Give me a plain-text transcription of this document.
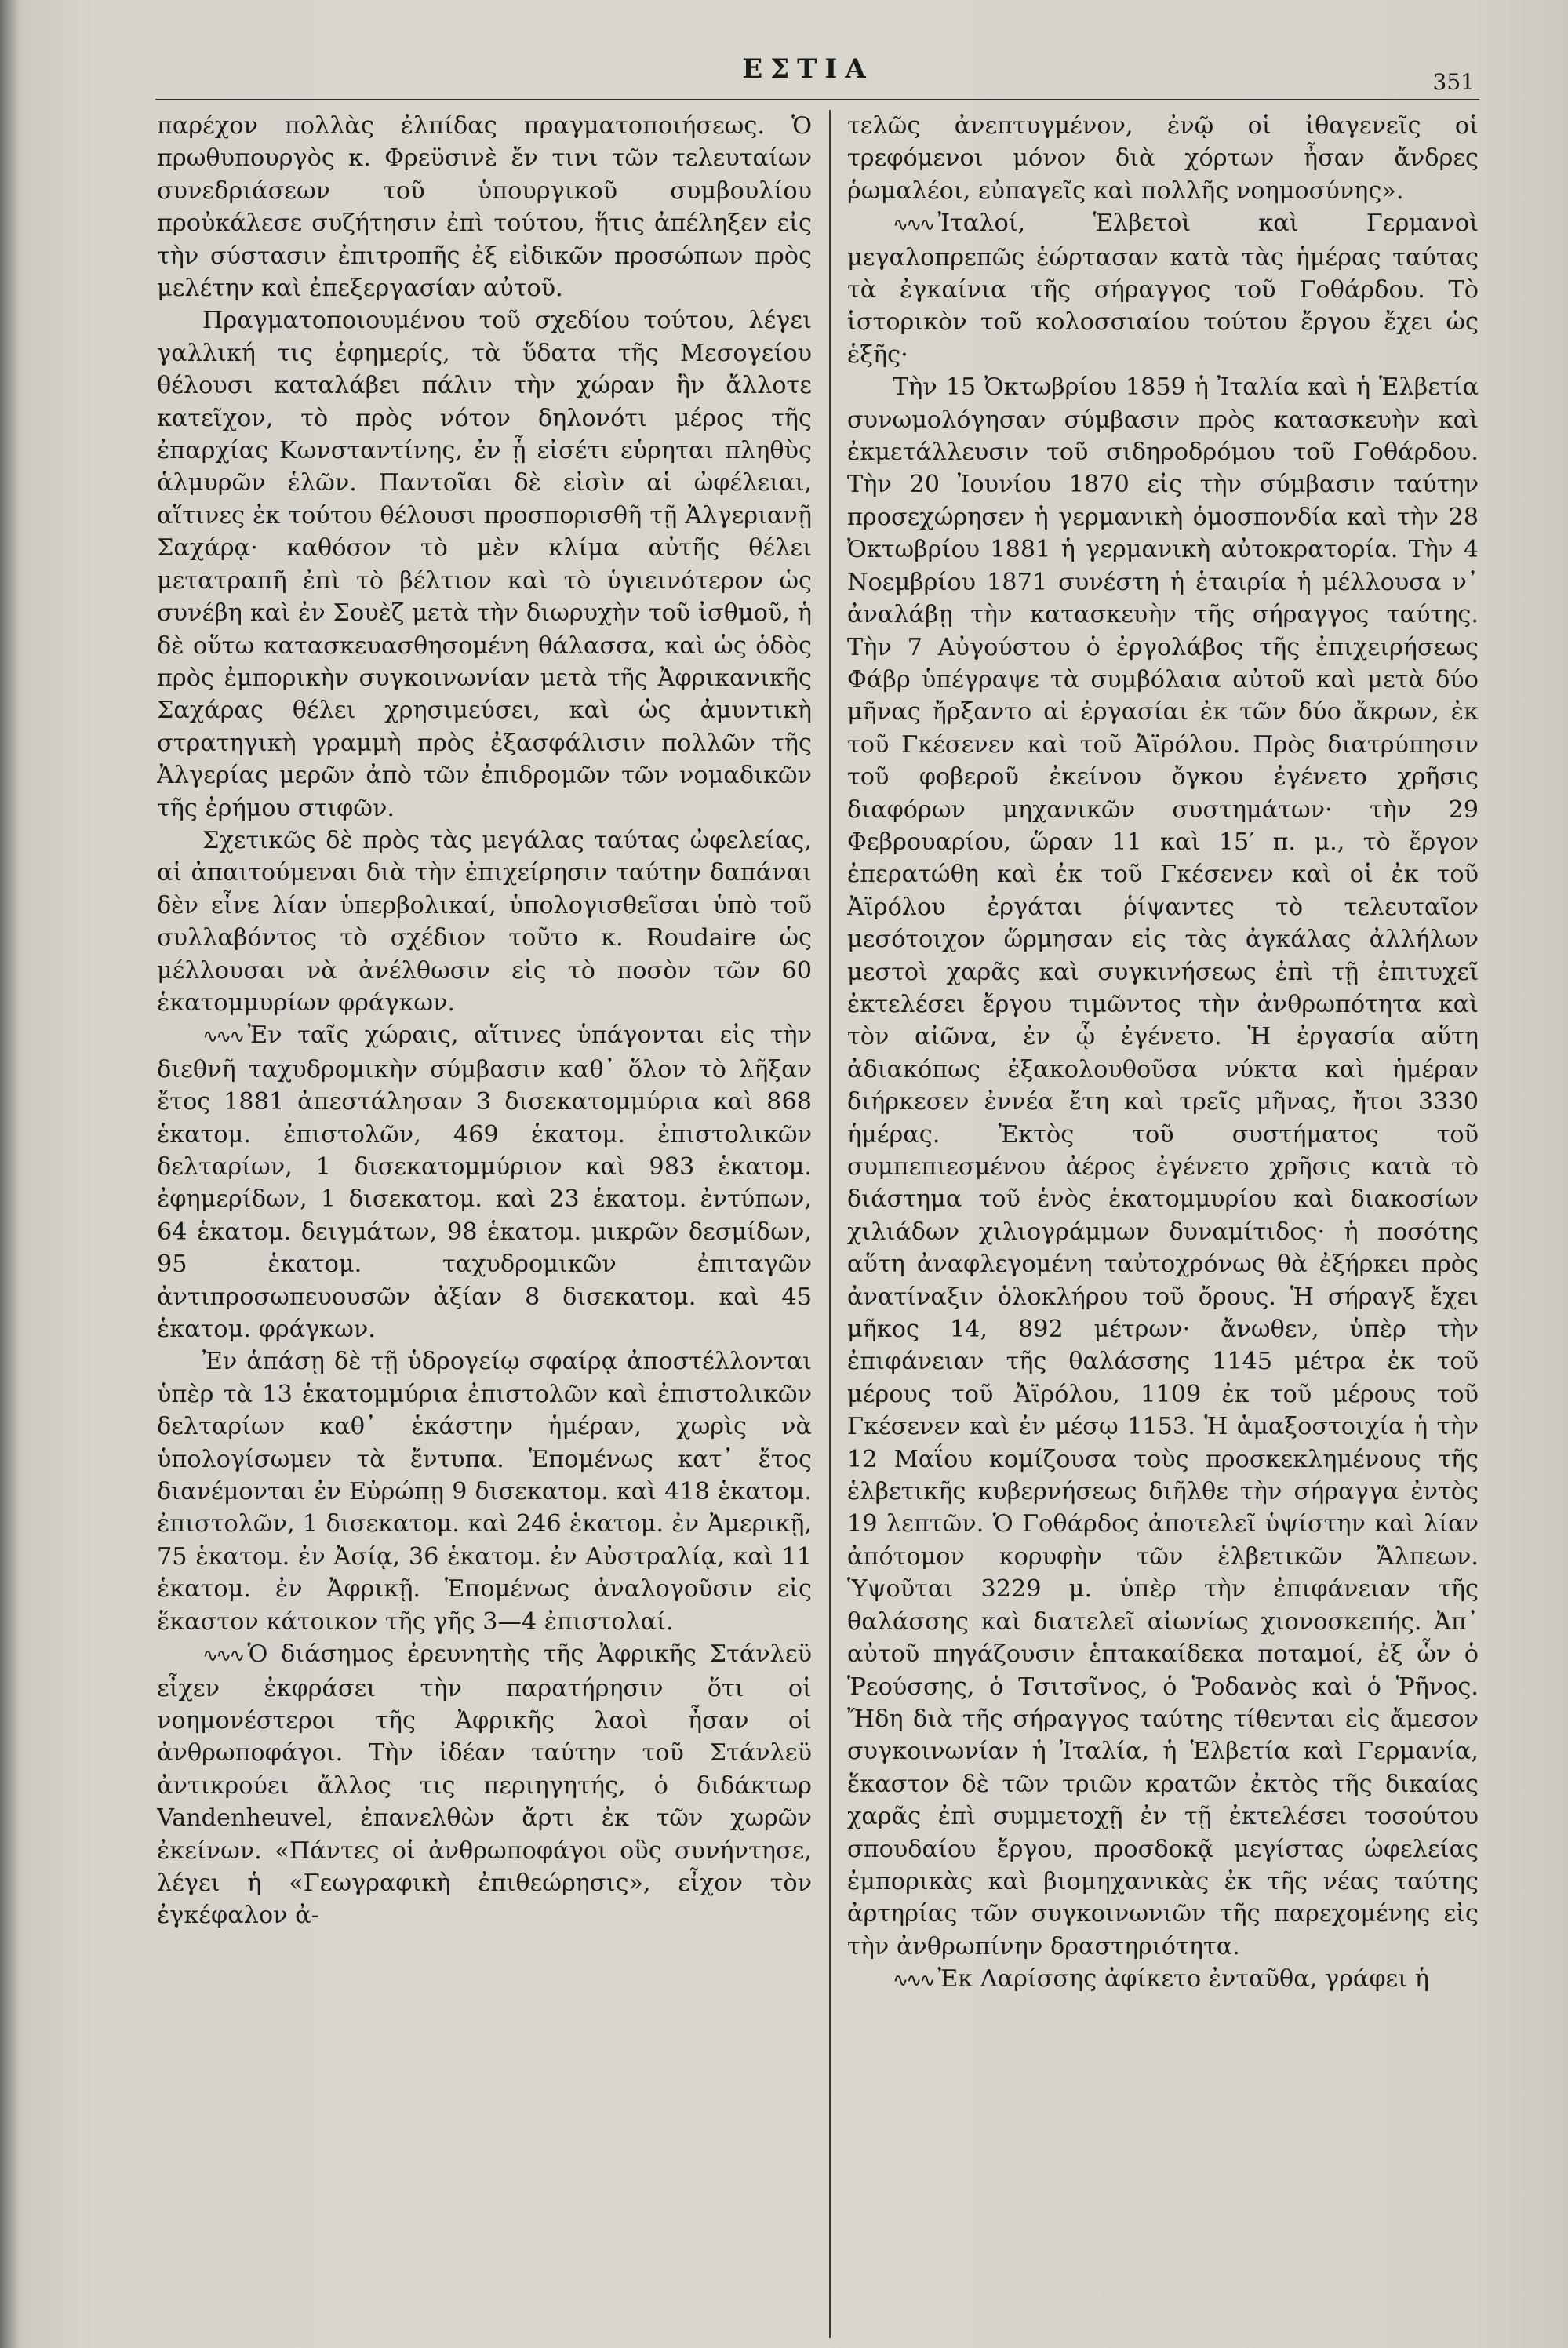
ΕΣΤΙΑ	351

παρέχον πολλὰς ἐλπίδας πραγματοποιήσεως. Ὁ πρωθυπουργὸς κ. Φρεϋσινὲ ἔν τινι τῶν τελευταίων συνεδριάσεων τοῦ ὑπουργικοῦ συμβουλίου προὐκάλεσε συζήτησιν ἐπὶ τούτου, ἥτις ἀπέληξεν εἰς τὴν σύστασιν ἐπιτροπῆς ἐξ εἰδικῶν προσώπων πρὸς μελέτην καὶ ἐπεξεργασίαν αὐτοῦ.

Πραγματοποιουμένου τοῦ σχεδίου τούτου, λέγει γαλλική τις ἐφημερίς, τὰ ὕδατα τῆς Μεσογείου θέλουσι καταλάβει πάλιν τὴν χώραν ἣν ἄλλοτε κατεῖχον, τὸ πρὸς νότον δηλονότι μέρος τῆς ἐπαρχίας Κωνσταντίνης, ἐν ᾗ εἰσέτι εὑρηται πληθὺς ἁλμυρῶν ἑλῶν. Παντοῖαι δὲ εἰσὶν αἱ ὠφέλειαι, αἵτινες ἐκ τούτου θέλουσι προσπορισθῆ τῇ Ἀλγεριανῇ Σαχάρᾳ· καθόσον τὸ μὲν κλίμα αὐτῆς θέλει μετατραπῆ ἐπὶ τὸ βέλτιον καὶ τὸ ὑγιεινότερον ὡς συνέβη καὶ ἐν Σουὲζ μετὰ τὴν διωρυχὴν τοῦ ἰσθμοῦ, ἡ δὲ οὕτω κατασκευασθησομένη θάλασσα, καὶ ὡς ὁδὸς πρὸς ἐμπορικὴν συγκοινωνίαν μετὰ τῆς Ἀφρικανικῆς Σαχάρας θέλει χρησιμεύσει, καὶ ὡς ἀμυντικὴ στρατηγικὴ γραμμὴ πρὸς ἐξασφάλισιν πολλῶν τῆς Ἀλγερίας μερῶν ἀπὸ τῶν ἐπιδρομῶν τῶν νομαδικῶν τῆς ἐρήμου στιφῶν.

Σχετικῶς δὲ πρὸς τὰς μεγάλας ταύτας ὠφελείας, αἱ ἀπαιτούμεναι διὰ τὴν ἐπιχείρησιν ταύτην δαπάναι δὲν εἶνε λίαν ὑπερβολικαί, ὑπολογισθεῖσαι ὑπὸ τοῦ συλλαβόντος τὸ σχέδιον τοῦτο κ. Roudaire ὡς μέλλουσαι νὰ ἀνέλθωσιν εἰς τὸ ποσὸν τῶν 60 ἑκατομμυρίων φράγκων.

∿∿∿ Ἐν ταῖς χώραις, αἵτινες ὑπάγονται εἰς τὴν διεθνῆ ταχυδρομικὴν σύμβασιν καθ᾽ ὅλον τὸ λῆξαν ἔτος 1881 ἀπεστάλησαν 3 δισεκατομμύρια καὶ 868 ἑκατομ. ἐπιστολῶν, 469 ἑκατομ. ἐπιστολικῶν δελταρίων, 1 δισεκατομμύριον καὶ 983 ἑκατομ. ἐφημερίδων, 1 δισεκατομ. καὶ 23 ἑκατομ. ἐντύπων, 64 ἑκατομ. δειγμάτων, 98 ἑκατομ. μικρῶν δεσμίδων, 95 ἑκατομ. ταχυδρομικῶν ἐπιταγῶν ἀντιπροσωπευουσῶν ἀξίαν 8 δισεκατομ. καὶ 45 ἑκατομ. φράγκων.

Ἐν ἁπάσῃ δὲ τῇ ὑδρογείῳ σφαίρᾳ ἀποστέλλονται ὑπὲρ τὰ 13 ἑκατομμύρια ἐπιστολῶν καὶ ἐπιστολικῶν δελταρίων καθ᾽ ἑκάστην ἡμέραν, χωρὶς νὰ ὑπολογίσωμεν τὰ ἔντυπα. Ἑπομένως κατ᾽ ἔτος διανέμονται ἐν Εὐρώπῃ 9 δισεκατομ. καὶ 418 ἑκατομ. ἐπιστολῶν, 1 δισεκατομ. καὶ 246 ἑκατομ. ἐν Ἀμερικῇ, 75 ἑκατομ. ἐν Ἀσίᾳ, 36 ἑκατομ. ἐν Αὐστραλίᾳ, καὶ 11 ἑκατομ. ἐν Ἀφρικῇ. Ἑπομένως ἀναλογοῦσιν εἰς ἕκαστον κάτοικον τῆς γῆς 3—4 ἐπιστολαί.

∿∿∿ Ὁ διάσημος ἐρευνητὴς τῆς Ἀφρικῆς Στάνλεϋ εἶχεν ἐκφράσει τὴν παρατήρησιν ὅτι οἱ νοημονέστεροι τῆς Ἀφρικῆς λαοὶ ἦσαν οἱ ἀνθρωποφάγοι. Τὴν ἰδέαν ταύτην τοῦ Στάνλεϋ ἀντικρούει ἄλλος τις περιηγητής, ὁ διδάκτωρ Vandenheuvel, ἐπανελθὼν ἄρτι ἐκ τῶν χωρῶν ἐκείνων. «Πάντες οἱ ἀνθρωποφάγοι οὓς συνήντησε, λέγει ἡ «Γεωγραφικὴ ἐπιθεώρησις», εἶχον τὸν ἐγκέφαλον ἀ-

τελῶς ἀνεπτυγμένον, ἐνῷ οἱ ἰθαγενεῖς οἱ τρεφόμενοι μόνον διὰ χόρτων ἦσαν ἄνδρες ῥωμαλέοι, εὐπαγεῖς καὶ πολλῆς νοημοσύνης».

∿∿∿ Ἰταλοί, Ἑλβετοὶ καὶ Γερμανοὶ μεγαλοπρεπῶς ἑώρτασαν κατὰ τὰς ἡμέρας ταύτας τὰ ἐγκαίνια τῆς σήραγγος τοῦ Γοθάρδου. Τὸ ἱστορικὸν τοῦ κολοσσιαίου τούτου ἔργου ἔχει ὡς ἑξῆς·

Τὴν 15 Ὀκτωβρίου 1859 ἡ Ἰταλία καὶ ἡ Ἑλβετία συνωμολόγησαν σύμβασιν πρὸς κατασκευὴν καὶ ἐκμετάλλευσιν τοῦ σιδηροδρόμου τοῦ Γοθάρδου. Τὴν 20 Ἰουνίου 1870 εἰς τὴν σύμβασιν ταύτην προσεχώρησεν ἡ γερμανικὴ ὁμοσπονδία καὶ τὴν 28 Ὀκτωβρίου 1881 ἡ γερμανικὴ αὐτοκρατορία. Τὴν 4 Νοεμβρίου 1871 συνέστη ἡ ἑταιρία ἡ μέλλουσα ν᾽ ἀναλάβῃ τὴν κατασκευὴν τῆς σήραγγος ταύτης. Τὴν 7 Αὐγούστου ὁ ἐργολάβος τῆς ἐπιχειρήσεως Φάβρ ὑπέγραψε τὰ συμβόλαια αὐτοῦ καὶ μετὰ δύο μῆνας ἤρξαντο αἱ ἐργασίαι ἐκ τῶν δύο ἄκρων, ἐκ τοῦ Γκέσενεν καὶ τοῦ Ἀϊρόλου. Πρὸς διατρύπησιν τοῦ φοβεροῦ ἐκείνου ὄγκου ἐγένετο χρῆσις διαφόρων μηχανικῶν συστημάτων· τὴν 29 Φεβρουαρίου, ὥραν 11 καὶ 15′ π. μ., τὸ ἔργον ἐπερατώθη καὶ ἐκ τοῦ Γκέσενεν καὶ οἱ ἐκ τοῦ Ἀϊρόλου ἐργάται ῥίψαντες τὸ τελευταῖον μεσότοιχον ὥρμησαν εἰς τὰς ἀγκάλας ἀλλήλων μεστοὶ χαρᾶς καὶ συγκινήσεως ἐπὶ τῇ ἐπιτυχεῖ ἐκτελέσει ἔργου τιμῶντος τὴν ἀνθρωπότητα καὶ τὸν αἰῶνα, ἐν ᾧ ἐγένετο. Ἡ ἐργασία αὕτη ἀδιακόπως ἐξακολουθοῦσα νύκτα καὶ ἡμέραν διήρκεσεν ἐννέα ἔτη καὶ τρεῖς μῆνας, ἤτοι 3330 ἡμέρας. Ἐκτὸς τοῦ συστήματος τοῦ συμπεπιεσμένου ἀέρος ἐγένετο χρῆσις κατὰ τὸ διάστημα τοῦ ἑνὸς ἑκατομμυρίου καὶ διακοσίων χιλιάδων χιλιογράμμων δυναμίτιδος· ἡ ποσότης αὕτη ἀναφλεγομένη ταὐτοχρόνως θὰ ἐξήρκει πρὸς ἀνατίναξιν ὁλοκλήρου τοῦ ὄρους. Ἡ σήραγξ ἔχει μῆκος 14, 892 μέτρων· ἄνωθεν, ὑπὲρ τὴν ἐπιφάνειαν τῆς θαλάσσης 1145 μέτρα ἐκ τοῦ μέρους τοῦ Ἀϊρόλου, 1109 ἐκ τοῦ μέρους τοῦ Γκέσενεν καὶ ἐν μέσῳ 1153. Ἡ ἁμαξοστοιχία ἡ τὴν 12 Μαΐου κομίζουσα τοὺς προσκεκλημένους τῆς ἑλβετικῆς κυβερνήσεως διῆλθε τὴν σήραγγα ἐντὸς 19 λεπτῶν. Ὁ Γοθάρδος ἀποτελεῖ ὑψίστην καὶ λίαν ἀπότομον κορυφὴν τῶν ἑλβετικῶν Ἄλπεων. Ὑψοῦται 3229 μ. ὑπὲρ τὴν ἐπιφάνειαν τῆς θαλάσσης καὶ διατελεῖ αἰωνίως χιονοσκεπής. Ἀπ᾽ αὐτοῦ πηγάζουσιν ἑπτακαίδεκα ποταμοί, ἐξ ὧν ὁ Ῥεούσσης, ὁ Τσιτσῖνος, ὁ Ῥοδανὸς καὶ ὁ Ῥῆνος. Ἤδη διὰ τῆς σήραγγος ταύτης τίθενται εἰς ἄμεσον συγκοινωνίαν ἡ Ἰταλία, ἡ Ἑλβετία καὶ Γερμανία, ἕκαστον δὲ τῶν τριῶν κρατῶν ἐκτὸς τῆς δικαίας χαρᾶς ἐπὶ συμμετοχῇ ἐν τῇ ἐκτελέσει τοσούτου σπουδαίου ἔργου, προσδοκᾷ μεγίστας ὠφελείας ἐμπορικὰς καὶ βιομηχανικὰς ἐκ τῆς νέας ταύτης ἀρτηρίας τῶν συγκοινωνιῶν τῆς παρεχομένης εἰς τὴν ἀνθρωπίνην δραστηριότητα.

∿∿∿ Ἐκ Λαρίσσης ἀφίκετο ἐνταῦθα, γράφει ἡ
